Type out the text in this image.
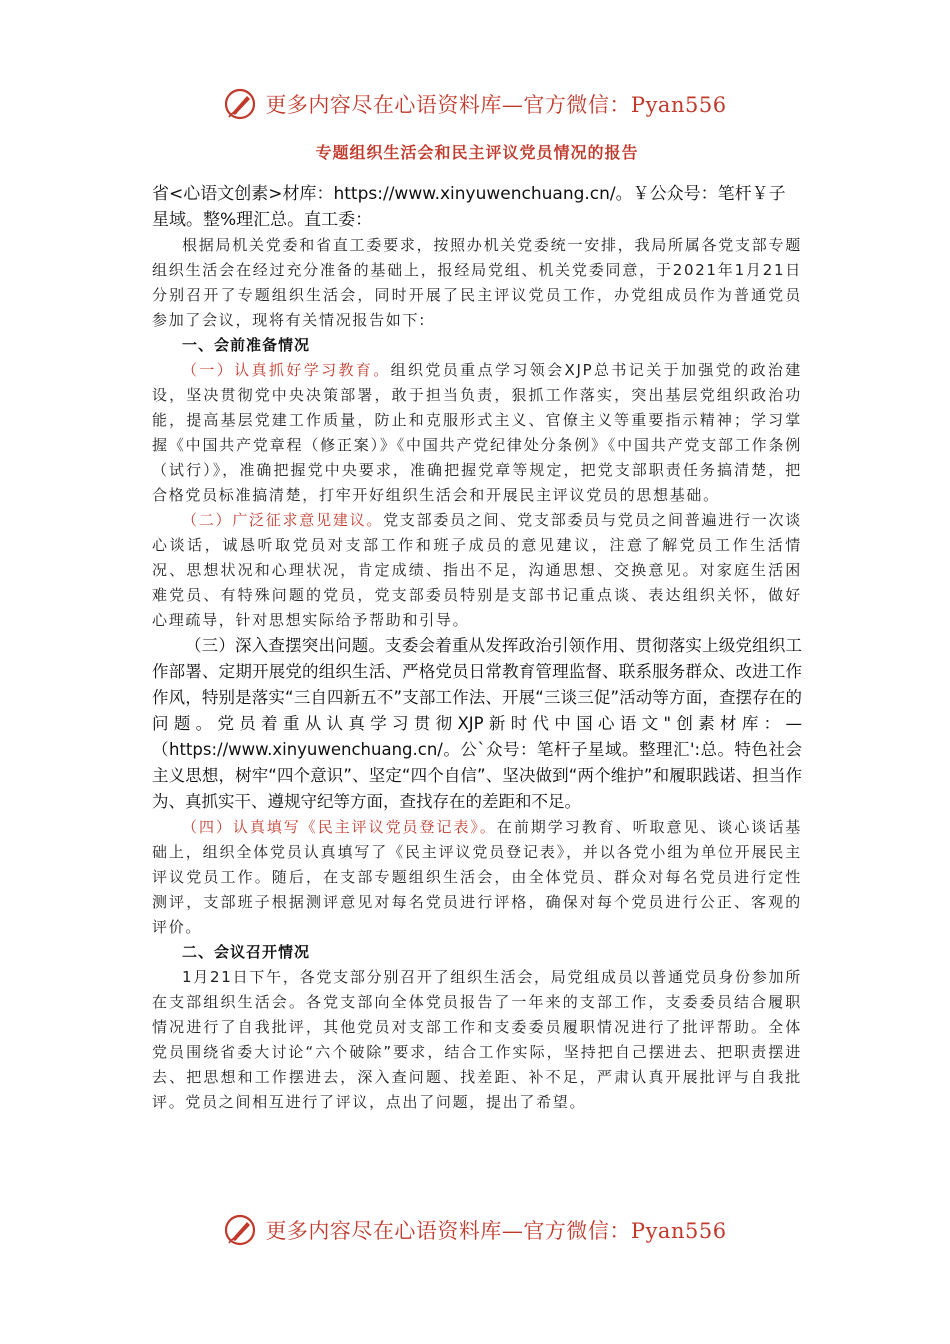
更多内容尽在心语资料库—官方微信：Pyan556
专题组织生活会和民主评议党员情况的报告

省<心语文创素>材库：https://www.xinyuwenchuang.cn/。￥公众号：笔杆￥子星域。整%理汇总。直工委：

根据局机关党委和省直工委要求，按照办机关党委统一安排，我局所属各党支部专题组织生活会在经过充分准备的基础上，报经局党组、机关党委同意，于2021年1月21日分别召开了专题组织生活会，同时开展了民主评议党员工作，办党组成员作为普通党员参加了会议，现将有关情况报告如下:

一、会前准备情况

（一）认真抓好学习教育。组织党员重点学习领会XJP总书记关于加强党的政治建设，坚决贯彻党中央决策部署，敢于担当负责，狠抓工作落实，突出基层党组织政治功能，提高基层党建工作质量，防止和克服形式主义、官僚主义等重要指示精神；学习掌握《中国共产党章程（修正案）》《中国共产党纪律处分条例》《中国共产党支部工作条例（试行）》，准确把握党中央要求，准确把握党章等规定，把党支部职责任务搞清楚，把合格党员标准搞清楚，打牢开好组织生活会和开展民主评议党员的思想基础。

（二）广泛征求意见建议。党支部委员之间、党支部委员与党员之间普遍进行一次谈心谈话，诚恳听取党员对支部工作和班子成员的意见建议，注意了解党员工作生活情况、思想状况和心理状况，肯定成绩、指出不足，沟通思想、交换意见。对家庭生活困难党员、有特殊问题的党员，党支部委员特别是支部书记重点谈、表达组织关怀，做好心理疏导，针对思想实际给予帮助和引导。

（三）深入查摆突出问题。支委会着重从发挥政治引领作用、贯彻落实上级党组织工作部署、定期开展党的组织生活、严格党员日常教育管理监督、联系服务群众、改进工作作风，特别是落实“三自四新五不”支部工作法、开展“三谈三促”活动等方面，查摆存在的问题。党员着重从认真学习贯彻XJP新时代中国心语文"创素材库：—（https://www.xinyuwenchuang.cn/。公`众号：笔杆子星域。整理汇':总。特色社会主义思想，树牢“四个意识”、坚定“四个自信”、坚决做到“两个维护”和履职践诺、担当作为、真抓实干、遵规守纪等方面，查找存在的差距和不足。

（四）认真填写《民主评议党员登记表》。在前期学习教育、听取意见、谈心谈话基础上，组织全体党员认真填写了《民主评议党员登记表》，并以各党小组为单位开展民主评议党员工作。随后，在支部专题组织生活会，由全体党员、群众对每名党员进行定性测评，支部班子根据测评意见对每名党员进行评格，确保对每个党员进行公正、客观的评价。

二、会议召开情况

1月21日下午，各党支部分别召开了组织生活会，局党组成员以普通党员身份参加所在支部组织生活会。各党支部向全体党员报告了一年来的支部工作，支委委员结合履职情况进行了自我批评，其他党员对支部工作和支委委员履职情况进行了批评帮助。全体党员围绕省委大讨论“六个破除”要求，结合工作实际，坚持把自己摆进去、把职责摆进去、把思想和工作摆进去，深入查问题、找差距、补不足，严肃认真开展批评与自我批评。党员之间相互进行了评议，点出了问题，提出了希望。

更多内容尽在心语资料库—官方微信：Pyan556
